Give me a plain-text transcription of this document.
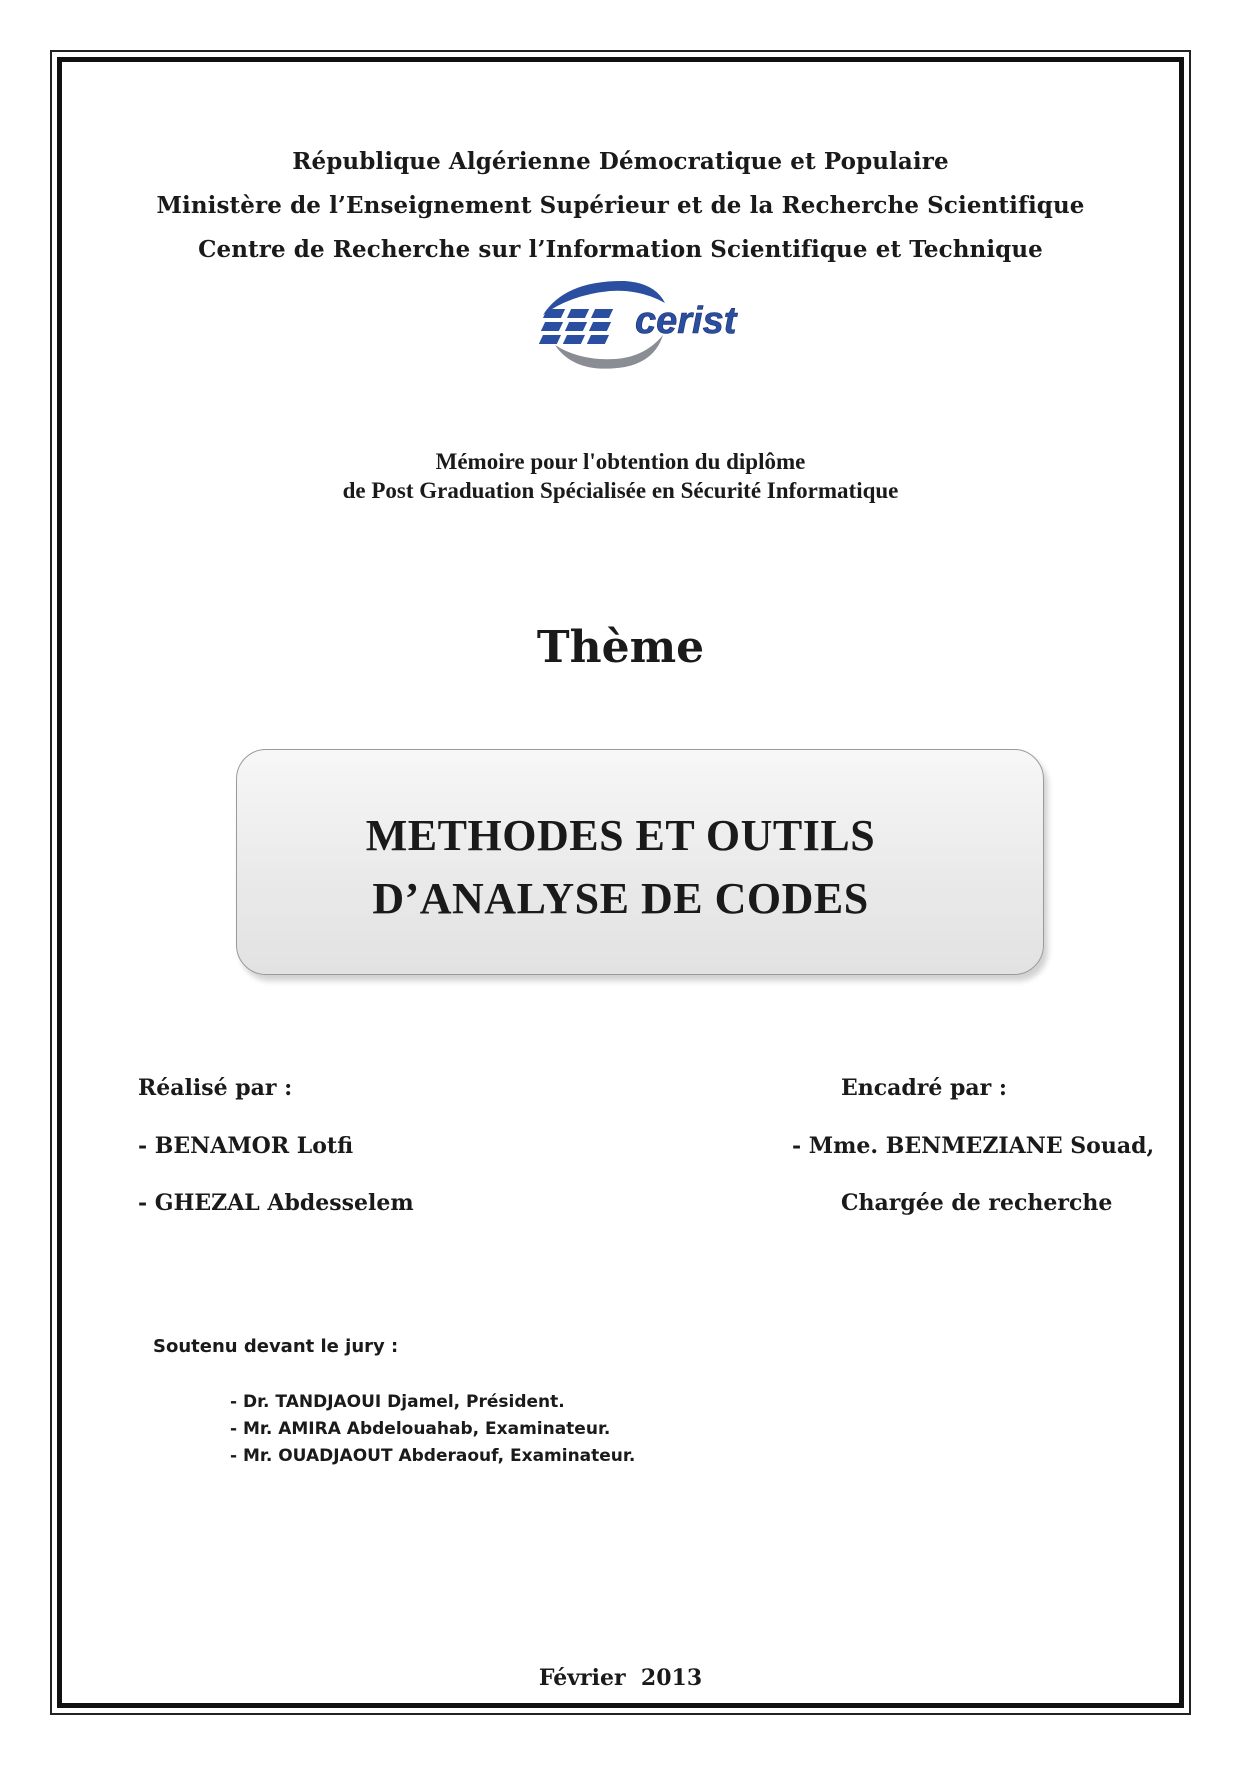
République Algérienne Démocratique et Populaire
Ministère de l’Enseignement Supérieur et de la Recherche Scientifique
Centre de Recherche sur l’Information Scientifique et Technique
cerist
Mémoire pour l'obtention du diplôme
de Post Graduation Spécialisée en Sécurité Informatique
Thème
METHODES ET OUTILS
D’ANALYSE DE CODES
Réalisé par :
- BENAMOR Lotfi
- GHEZAL Abdesselem
Encadré par :
- Mme. BENMEZIANE Souad,
Chargée de recherche
Soutenu devant le jury :
- Dr. TANDJAOUI Djamel, Président.
- Mr. AMIRA Abdelouahab, Examinateur.
- Mr. OUADJAOUT Abderaouf, Examinateur.
Février  2013
